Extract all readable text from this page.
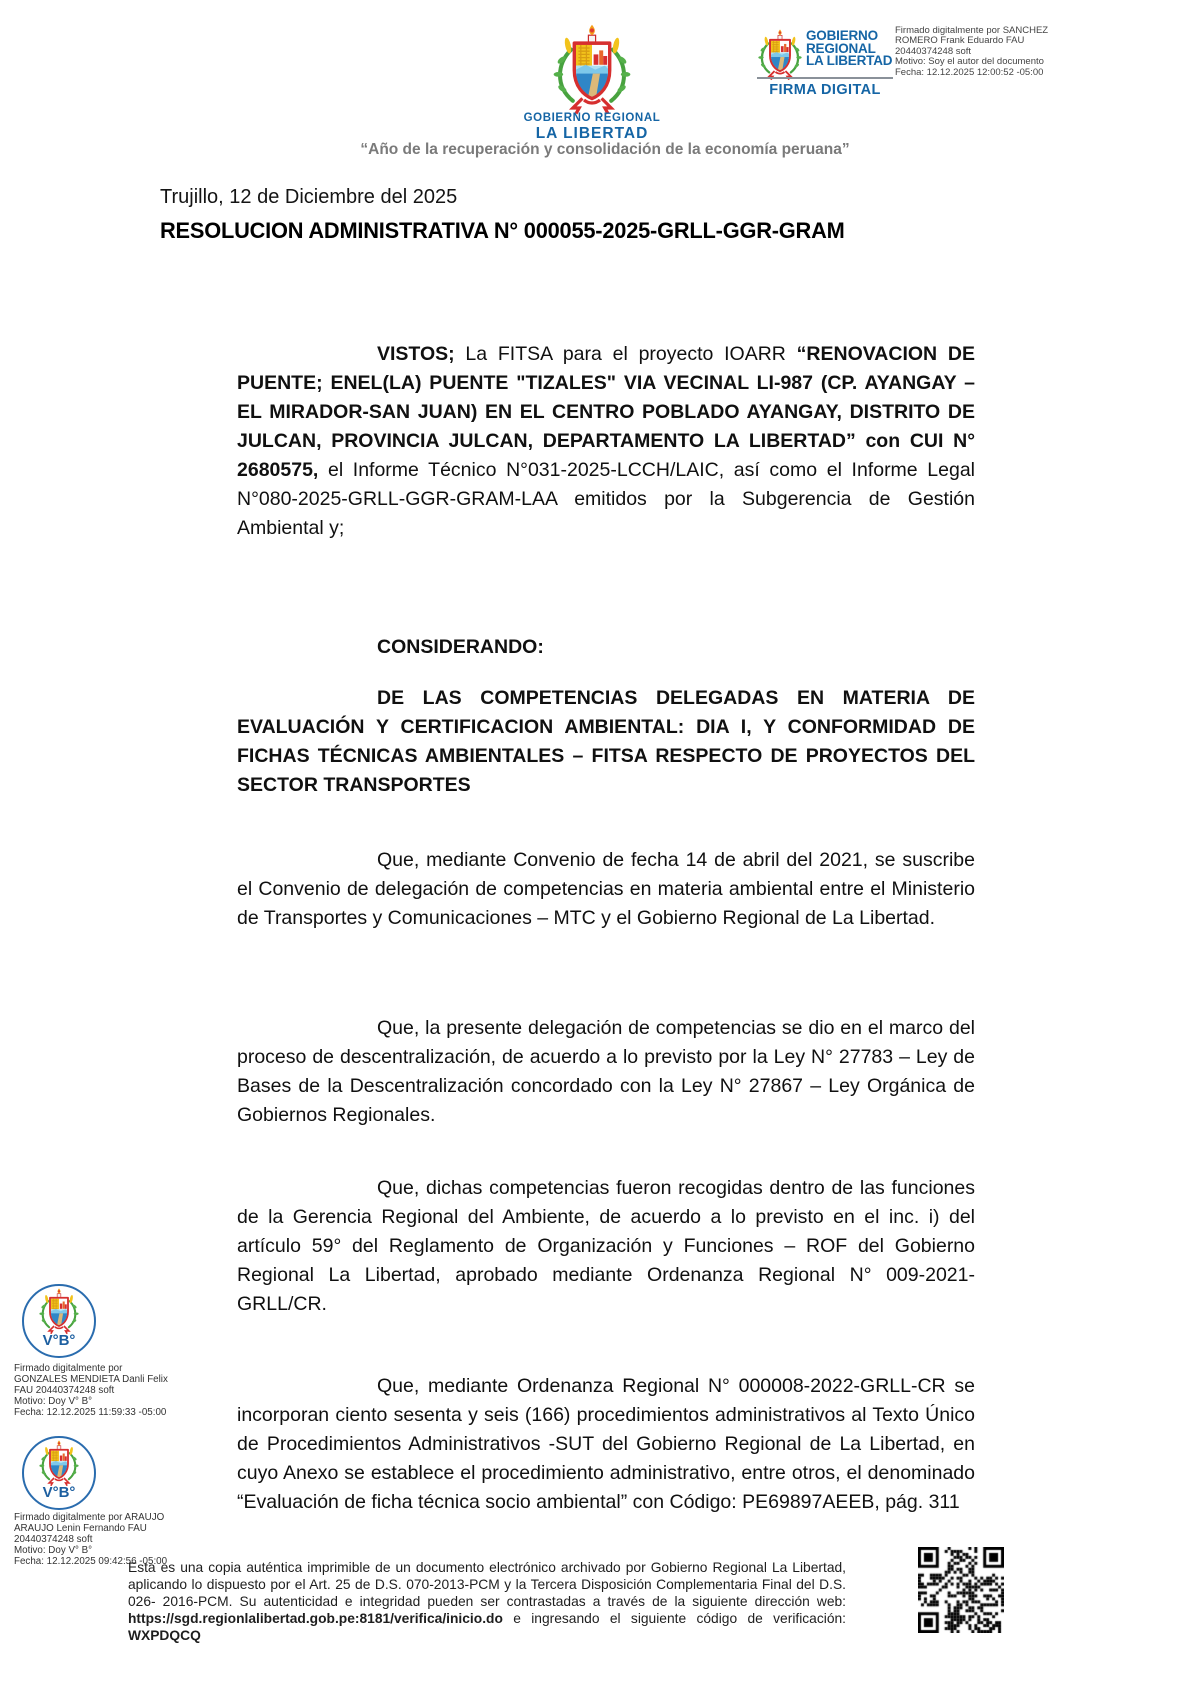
GOBIERNO REGIONAL
LA LIBERTAD
GOBIERNO
REGIONAL
LA LIBERTAD
FIRMA DIGITAL
Firmado digitalmente por SANCHEZ
ROMERO Frank Eduardo FAU
20440374248 soft
Motivo: Soy el autor del documento
Fecha: 12.12.2025 12:00:52 -05:00
“Año de la recuperación y consolidación de la economía peruana”
Trujillo, 12 de Diciembre del 2025
RESOLUCION ADMINISTRATIVA N° 000055-2025-GRLL-GGR-GRAM

VISTOS; La FITSA para el proyecto IOARR “RENOVACION DE PUENTE; ENEL(LA) PUENTE "TIZALES" VIA VECINAL LI-987 (CP. AYANGAY –EL MIRADOR-SAN JUAN) EN EL CENTRO POBLADO AYANGAY, DISTRITO DE JULCAN, PROVINCIA JULCAN, DEPARTAMENTO LA LIBERTAD” con CUI N° 2680575, el Informe Técnico N°031-2025-LCCH/LAIC, así como el Informe Legal N°080-2025-GRLL-GGR-GRAM-LAA emitidos por la Subgerencia de Gestión Ambiental y;

CONSIDERANDO:

DE LAS COMPETENCIAS DELEGADAS EN MATERIA DE EVALUACIÓN Y CERTIFICACION AMBIENTAL: DIA I, Y CONFORMIDAD DE FICHAS TÉCNICAS AMBIENTALES – FITSA RESPECTO DE PROYECTOS DEL SECTOR TRANSPORTES

Que, mediante Convenio de fecha 14 de abril del 2021, se suscribe el Convenio de delegación de competencias en materia ambiental entre el Ministerio de Transportes y Comunicaciones – MTC y el Gobierno Regional de La Libertad.

Que, la presente delegación de competencias se dio en el marco del proceso de descentralización, de acuerdo a lo previsto por la Ley N° 27783 – Ley de Bases de la Descentralización concordado con la Ley N° 27867 – Ley Orgánica de Gobiernos Regionales.

Que, dichas competencias fueron recogidas dentro de las funciones de la Gerencia Regional del Ambiente, de acuerdo a lo previsto en el inc. i) del artículo 59° del Reglamento de Organización y Funciones – ROF del Gobierno Regional La Libertad, aprobado mediante Ordenanza Regional N° 009-2021-GRLL/CR.

Que, mediante Ordenanza Regional N° 000008-2022-GRLL-CR se incorporan ciento sesenta y seis (166) procedimientos administrativos al Texto Único de Procedimientos Administrativos -SUT del Gobierno Regional de La Libertad, en cuyo Anexo se establece el procedimiento administrativo, entre otros, el denominado “Evaluación de ficha técnica socio ambiental” con Código: PE69897AEEB, pág. 311

V°B°
Firmado digitalmente por
GONZALES MENDIETA Danli Felix
FAU 20440374248 soft
Motivo: Doy V° B°
Fecha: 12.12.2025 11:59:33 -05:00
V°B°
Firmado digitalmente por ARAUJO
ARAUJO Lenin Fernando FAU
20440374248 soft
Motivo: Doy V° B°
Fecha: 12.12.2025 09:42:56 -05:00
Esta es una copia auténtica imprimible de un documento electrónico archivado por Gobierno Regional La Libertad, aplicando lo dispuesto por el Art. 25 de D.S. 070-2013-PCM y la Tercera Disposición Complementaria Final del D.S. 026- 2016-PCM. Su autenticidad e integridad pueden ser contrastadas a través de la siguiente dirección web: https://sgd.regionlalibertad.gob.pe:8181/verifica/inicio.do e ingresando el siguiente código de verificación: WXPDQCQ
